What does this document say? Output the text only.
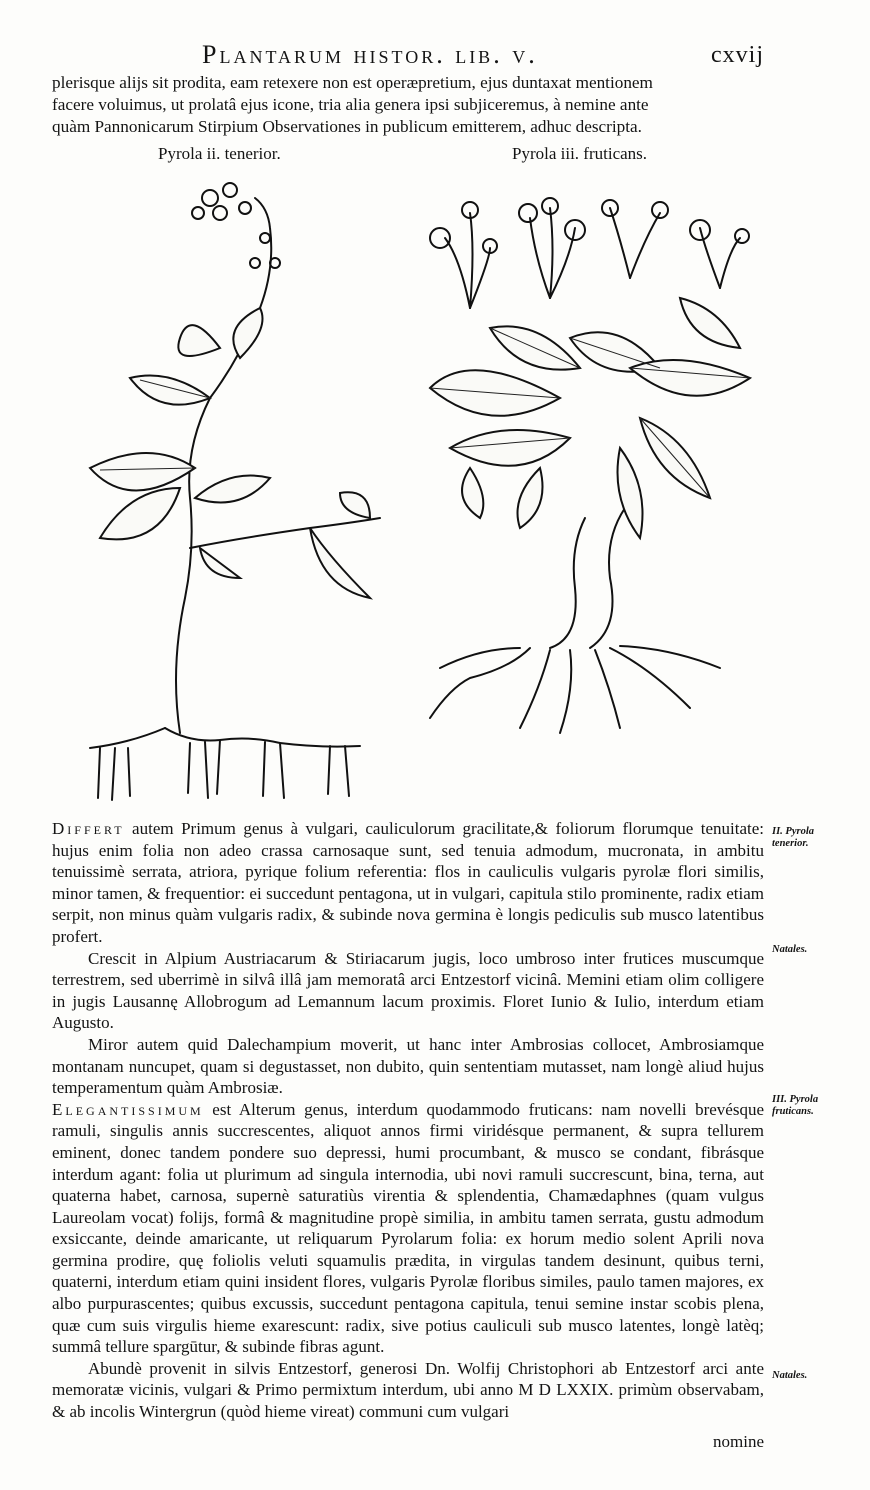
Plantarum histor. lib. v.	cxvij

plerisque alijs sit prodita, eam retexere non est operæpretium, ejus duntaxat mentionem

facere voluimus, ut prolatâ ejus icone, tria alia genera ipsi subjiceremus, à nemine ante

quàm Pannonicarum Stirpium Observationes in publicum emitterem, adhuc descripta.

Pyrola ii. tenerior.	Pyrola iii. fruticans.

Differt autem Primum genus à vulgari, cauliculorum gracilitate,& foliorum florumque tenuitate: hujus enim folia non adeo crassa carnosaque sunt, sed tenuia admodum, mucronata, in ambitu tenuissimè serrata, atriora, pyrique folium referentia: flos in cauliculis vulgaris pyrolæ flori similis, minor tamen, & frequentior: ei succedunt pentagona, ut in vulgari, capitula stilo prominente, radix etiam serpit, non minus quàm vulgaris radix, & subinde nova germina è longis pediculis sub musco latentibus profert.

Crescit in Alpium Austriacarum & Stiriacarum jugis, loco umbroso inter frutices muscumque terrestrem, sed uberrimè in silvâ illâ jam memoratâ arci Entzestorf vicinâ. Memini etiam olim colligere in jugis Lausannę Allobrogum ad Lemannum lacum proximis. Floret Iunio & Iulio, interdum etiam Augusto.

Miror autem quid Dalechampium moverit, ut hanc inter Ambrosias collocet, Ambrosiamque montanam nuncupet, quam si degustasset, non dubito, quin sententiam mutasset, nam longè aliud hujus temperamentum quàm Ambrosiæ.

Elegantissimum est Alterum genus, interdum quodammodo fruticans: nam novelli brevésque ramuli, singulis annis succrescentes, aliquot annos firmi viridésque permanent, & supra tellurem eminent, donec tandem pondere suo depressi, humi procumbant, & musco se condant, fibrásque interdum agant: folia ut plurimum ad singula internodia, ubi novi ramuli succrescunt, bina, terna, aut quaterna habet, carnosa, supernè saturatiùs virentia & splendentia, Chamædaphnes (quam vulgus Laureolam vocat) folijs, formâ & magnitudine propè similia, in ambitu tamen serrata, gustu admodum exsiccante, deinde amaricante, ut reliquarum Pyrolarum folia: ex horum medio solent Aprili nova germina prodire, quę foliolis veluti squamulis prædita, in virgulas tandem desinunt, quibus terni, quaterni, interdum etiam quini insident flores, vulgaris Pyrolæ floribus similes, paulo tamen majores, ex albo purpurascentes; quibus excussis, succedunt pentagona capitula, tenui semine instar scobis plena, quæ cum suis virgulis hieme exarescunt: radix, sive potius cauliculi sub musco latentes, longè latèq; summâ tellure spargūtur, & subinde fibras agunt.

Abundè provenit in silvis Entzestorf, generosi Dn. Wolfij Christophori ab Entzestorf arci ante memoratæ vicinis, vulgari & Primo permixtum interdum, ubi anno M D LXXIX. primùm observabam, & ab incolis Wintergrun (quòd hieme vireat) communi cum vulgari

II. Pyrola tenerior.
Natales.
III. Pyrola fruticans.
Natales.
nomine
